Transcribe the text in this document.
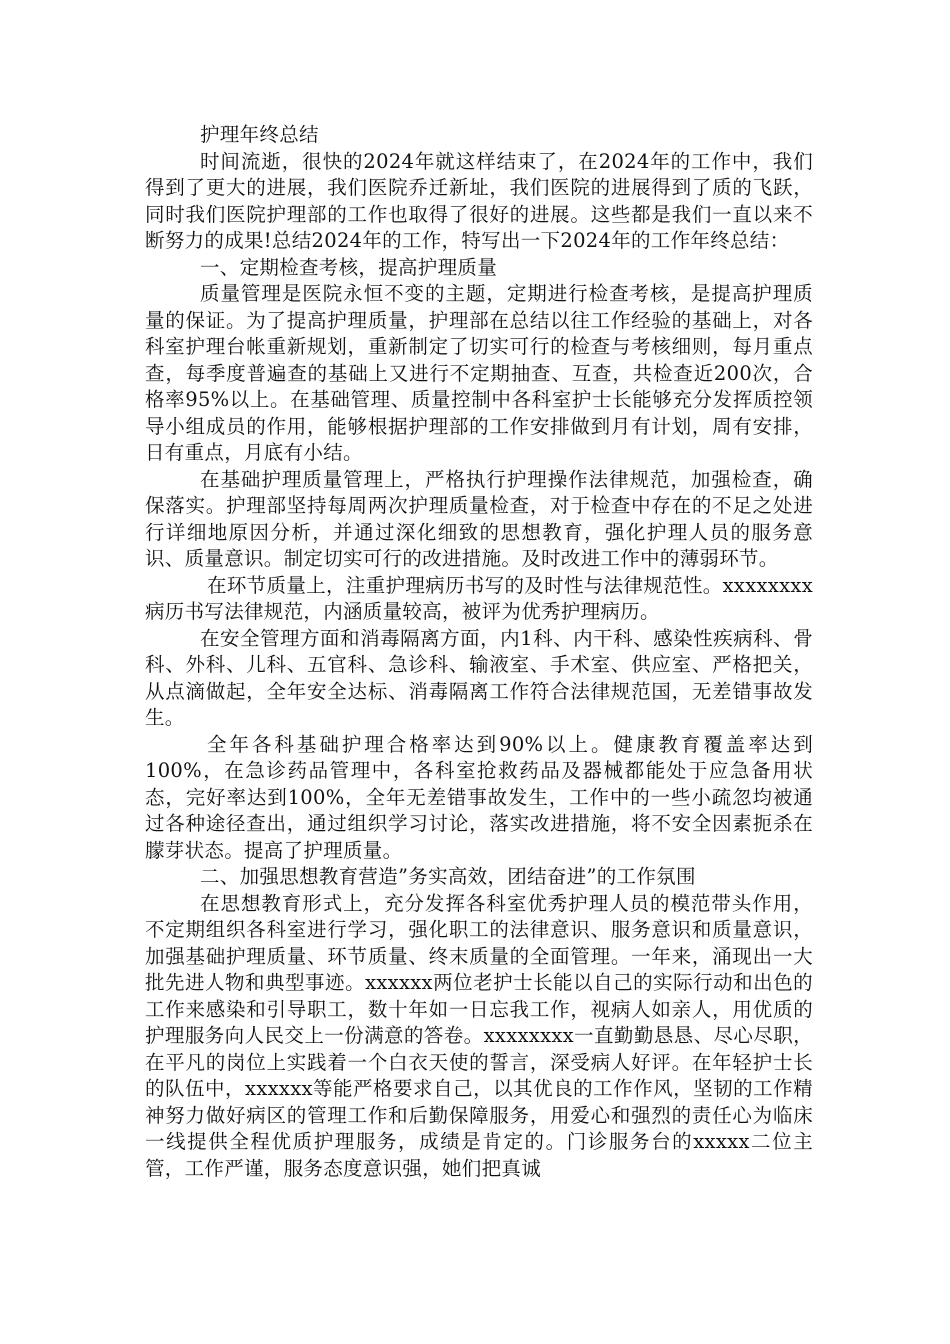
护理年终总结

时间流逝，很快的2024年就这样结束了，在2024年的工作中，我们得到了更大的进展，我们医院乔迁新址，我们医院的进展得到了质的飞跃，同时我们医院护理部的工作也取得了很好的进展。这些都是我们一直以来不断努力的成果!总结2024年的工作，特写出一下2024年的工作年终总结：

一、定期检查考核，提高护理质量

质量管理是医院永恒不变的主题，定期进行检查考核，是提高护理质量的保证。为了提高护理质量，护理部在总结以往工作经验的基础上，对各科室护理台帐重新规划，重新制定了切实可行的检查与考核细则，每月重点查，每季度普遍查的基础上又进行不定期抽查、互查，共检查近200次，合格率95%以上。在基础管理、质量控制中各科室护士长能够充分发挥质控领导小组成员的作用，能够根据护理部的工作安排做到月有计划，周有安排，日有重点，月底有小结。

在基础护理质量管理上，严格执行护理操作法律规范，加强检查，确保落实。护理部坚持每周两次护理质量检查，对于检查中存在的不足之处进行详细地原因分析，并通过深化细致的思想教育，强化护理人员的服务意识、质量意识。制定切实可行的改进措施。及时改进工作中的薄弱环节。

在环节质量上，注重护理病历书写的及时性与法律规范性。xxxxxxxx病历书写法律规范，内涵质量较高，被评为优秀护理病历。

在安全管理方面和消毒隔离方面，内1科、内干科、感染性疾病科、骨科、外科、儿科、五官科、急诊科、输液室、手术室、供应室、严格把关，从点滴做起，全年安全达标、消毒隔离工作符合法律规范国，无差错事故发生。

全年各科基础护理合格率达到90%以上。健康教育覆盖率达到100%，在急诊药品管理中，各科室抢救药品及器械都能处于应急备用状态，完好率达到100%，全年无差错事故发生，工作中的一些小疏忽均被通过各种途径查出，通过组织学习讨论，落实改进措施，将不安全因素扼杀在朦芽状态。提高了护理质量。

二、加强思想教育营造”务实高效，团结奋进”的工作氛围

在思想教育形式上，充分发挥各科室优秀护理人员的模范带头作用，不定期组织各科室进行学习，强化职工的法律意识、服务意识和质量意识，加强基础护理质量、环节质量、终末质量的全面管理。一年来，涌现出一大批先进人物和典型事迹。xxxxxx两位老护士长能以自己的实际行动和出色的工作来感染和引导职工，数十年如一日忘我工作，视病人如亲人，用优质的护理服务向人民交上一份满意的答卷。xxxxxxxx一直勤勤恳恳、尽心尽职，在平凡的岗位上实践着一个白衣天使的誓言，深受病人好评。在年轻护士长的队伍中，xxxxxx等能严格要求自己，以其优良的工作作风，坚韧的工作精神努力做好病区的管理工作和后勤保障服务，用爱心和强烈的责任心为临床一线提供全程优质护理服务，成绩是肯定的。门诊服务台的xxxxx二位主管，工作严谨，服务态度意识强，她们把真诚
